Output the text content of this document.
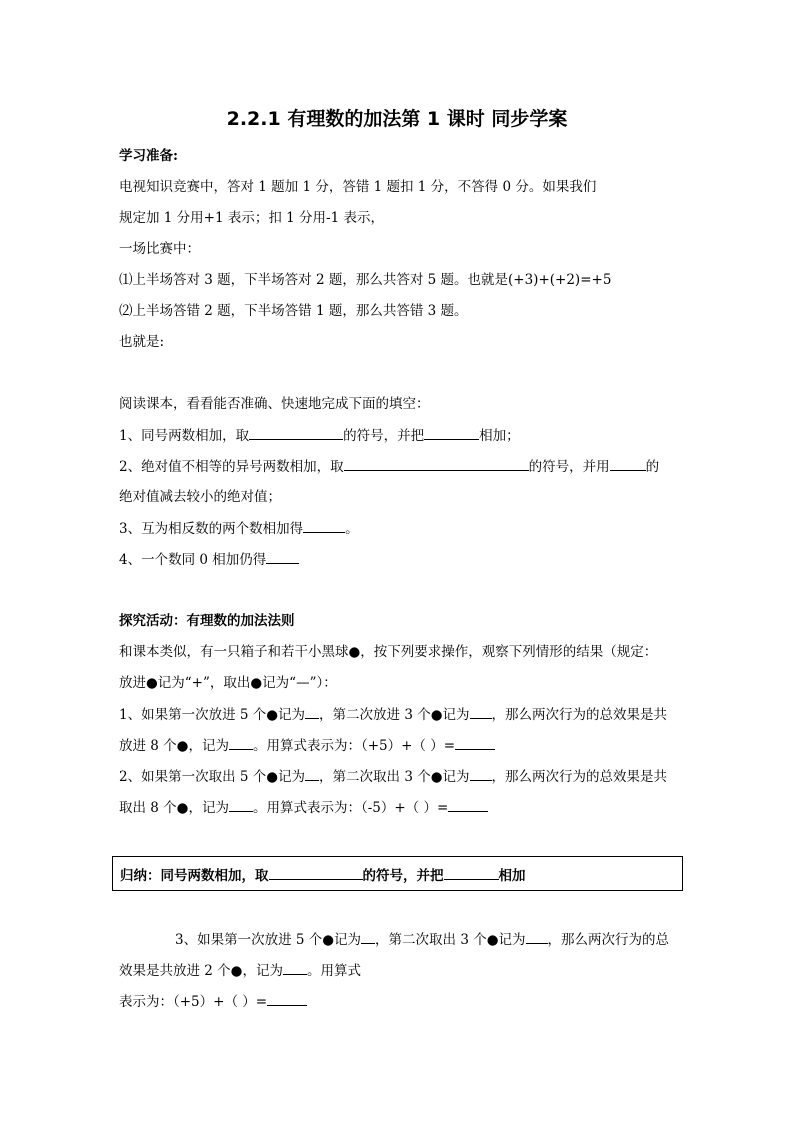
2.2.1 有理数的加法第 1 课时 同步学案
学习准备:
电视知识竞赛中，答对 1 题加 1 分，答错 1 题扣 1 分，不答得 0 分。如果我们
规定加 1 分用+1 表示；扣 1 分用-1 表示，
一场比赛中：
⑴上半场答对 3 题，下半场答对 2 题，那么共答对 5 题。也就是(+3)+(+2)=+5
⑵上半场答错 2 题，下半场答错 1 题，那么共答错 3 题。
也就是:
阅读课本，看看能否准确、快速地完成下面的填空：
1、同号两数相加，取	的符号，并把	相加；
2、绝对值不相等的异号两数相加，取	的符号，并用	的
绝对值减去较小的绝对值；
3、互为相反数的两个数相加得	。
4、一个数同 0 相加仍得
探究活动：有理数的加法法则
和课本类似，有一只箱子和若干小黑球●，按下列要求操作，观察下列情形的结果（规定：
放进●记为“+”，取出●记为“—”）：
1、如果第一次放进 5 个●记为 ，第二次放进 3 个●记为 ，那么两次行为的总效果是共
放进 8 个●，记为 。用算式表示为：（+5）+（ ）=
2、如果第一次取出 5 个●记为 ，第二次取出 3 个●记为 ，那么两次行为的总效果是共
取出 8 个●，记为 。用算式表示为：（-5）+（ ）=
归纳：同号两数相加，取	的符号，并把	相加
3、如果第一次放进 5 个●记为 ，第二次取出 3 个●记为 ，那么两次行为的总
效果是共放进 2 个●，记为 。用算式
表示为：（+5）+（ ）=
